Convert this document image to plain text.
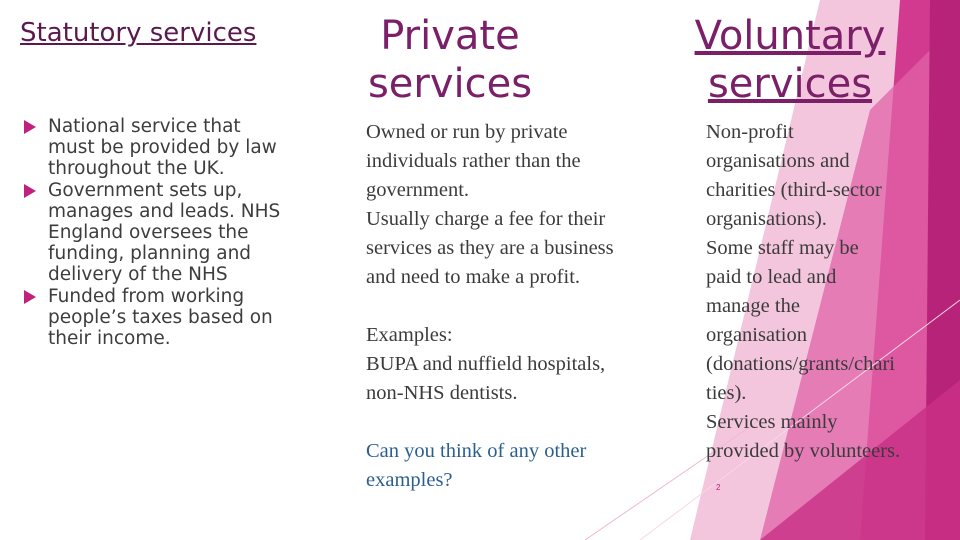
Statutory services	Private
services
Voluntary
services
National service that must be provided by law throughout the UK.
Government sets up, manages and leads. NHS England oversees the funding, planning and delivery of the NHS
Funded from working people’s taxes based on their income.
Owned or run by private
individuals rather than the
government.
Usually charge a fee for their
services as they are a business
and need to make a profit.
Examples:
BUPA and nuffield hospitals,
non-NHS dentists.
Can you think of any other
examples?
Non-profit
organisations and
charities (third-sector
organisations).
Some staff may be
paid to lead and
manage the
organisation
(donations/grants/chari
ties).
Services mainly
provided by volunteers.
2
